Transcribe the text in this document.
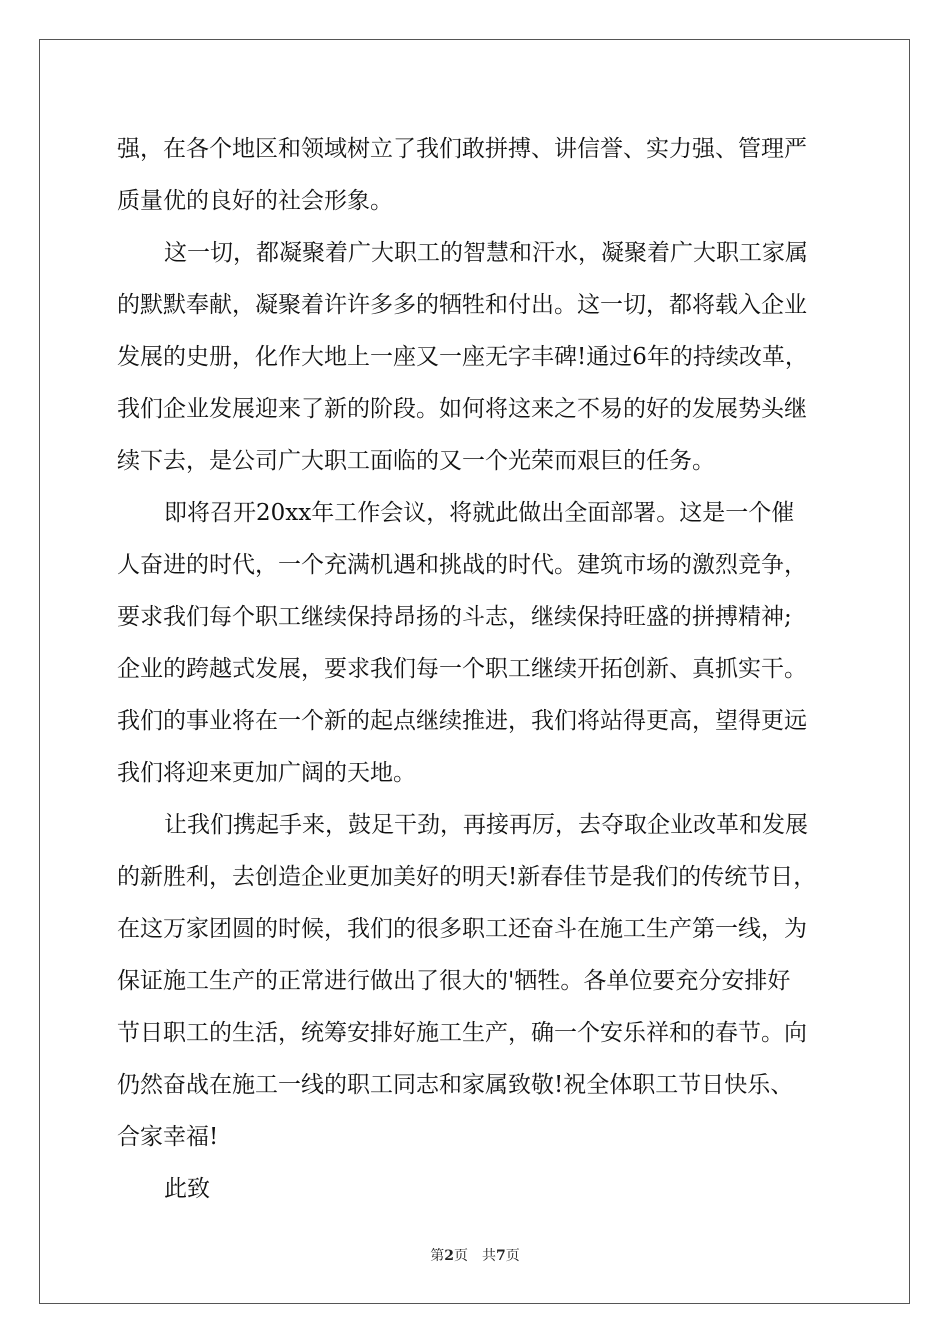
强，在各个地区和领域树立了我们敢拼搏、讲信誉、实力强、管理严
质量优的良好的社会形象。
这一切，都凝聚着广大职工的智慧和汗水，凝聚着广大职工家属
的默默奉献，凝聚着许许多多的牺牲和付出。这一切，都将载入企业
发展的史册，化作大地上一座又一座无字丰碑!通过6年的持续改革，
我们企业发展迎来了新的阶段。如何将这来之不易的好的发展势头继
续下去，是公司广大职工面临的又一个光荣而艰巨的任务。
即将召开20xx年工作会议，将就此做出全面部署。这是一个催
人奋进的时代，一个充满机遇和挑战的时代。建筑市场的激烈竞争，
要求我们每个职工继续保持昂扬的斗志，继续保持旺盛的拼搏精神;
企业的跨越式发展，要求我们每一个职工继续开拓创新、真抓实干。
我们的事业将在一个新的起点继续推进，我们将站得更高，望得更远
我们将迎来更加广阔的天地。
让我们携起手来，鼓足干劲，再接再厉，去夺取企业改革和发展
的新胜利，去创造企业更加美好的明天!新春佳节是我们的传统节日，
在这万家团圆的时候，我们的很多职工还奋斗在施工生产第一线，为
保证施工生产的正常进行做出了很大的'牺牲。各单位要充分安排好
节日职工的生活，统筹安排好施工生产，确一个安乐祥和的春节。向
仍然奋战在施工一线的职工同志和家属致敬!祝全体职工节日快乐、
合家幸福!
此致
第2页　共7页
